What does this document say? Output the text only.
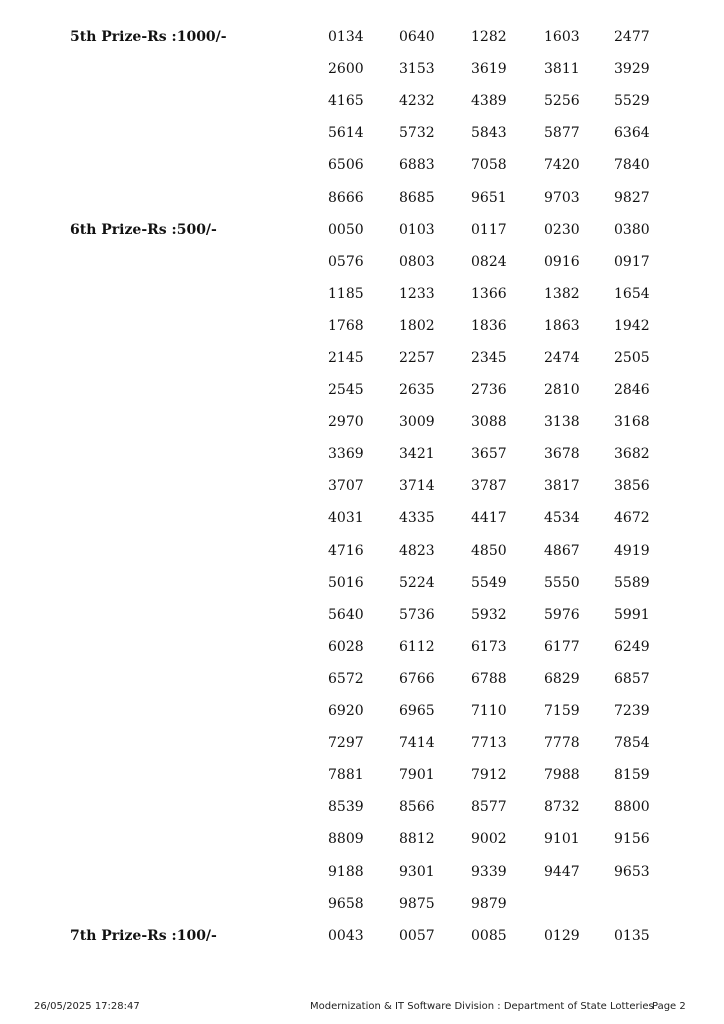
5th Prize-Rs :1000/-	0134	0640	1282	1603 2477
2600	3153	3619	3811 3929
4165	4232	4389	5256 5529
5614	5732	5843	5877 6364
6506	6883	7058	7420 7840
8666	8685	9651	9703 9827
6th Prize-Rs :500/-	0050	0103	0117	0230 0380
0576	0803	0824	0916 0917
1185	1233	1366	1382 1654
1768	1802	1836	1863 1942
2145	2257	2345	2474 2505
2545	2635	2736	2810 2846
2970	3009	3088	3138 3168
3369	3421	3657	3678 3682
3707	3714	3787	3817 3856
4031	4335	4417	4534 4672
4716	4823	4850	4867 4919
5016	5224	5549	5550 5589
5640	5736	5932	5976 5991
6028	6112	6173	6177 6249
6572	6766	6788	6829 6857
6920	6965	7110	7159 7239
7297	7414	7713	7778 7854
7881	7901	7912	7988 8159
8539	8566	8577	8732 8800
8809	8812	9002	9101 9156
9188	9301	9339	9447 9653
9658	9875	9879
7th Prize-Rs :100/-	0043	0057	0085	0129 0135
26/05/2025 17:28:47	Modernization & IT Software Division : Department of State Lotteries
Page 2
